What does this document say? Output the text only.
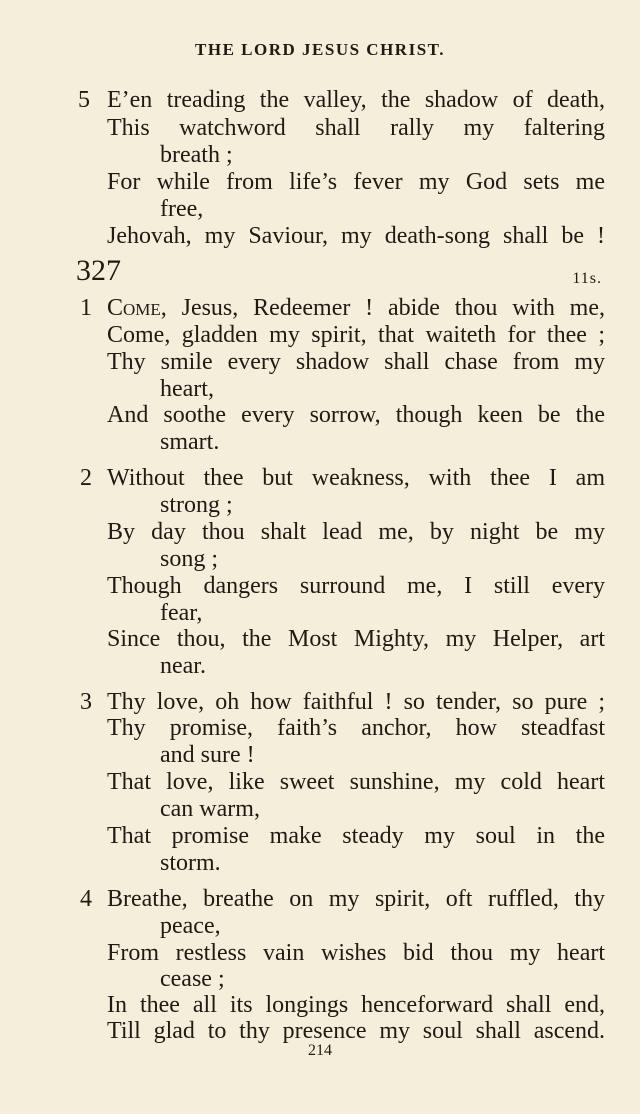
THE LORD JESUS CHRIST.
5 E’en treading the valley, the shadow of death,
This watchword shall rally my faltering
breath ;
For while from life’s fever my God sets me
free,
Jehovah, my Saviour, my death-song shall be !
327	11s.
1 Come, Jesus, Redeemer ! abide thou with me,
Come, gladden my spirit, that waiteth for thee ;
Thy smile every shadow shall chase from my
heart,
And soothe every sorrow, though keen be the
smart.
2 Without thee but weakness, with thee I am
strong ;
By day thou shalt lead me, by night be my
song ;
Though dangers surround me, I still every
fear,
Since thou, the Most Mighty, my Helper, art
near.
3 Thy love, oh how faithful ! so tender, so pure ;
Thy promise, faith’s anchor, how steadfast
and sure !
That love, like sweet sunshine, my cold heart
can warm,
That promise make steady my soul in the
storm.
4 Breathe, breathe on my spirit, oft ruffled, thy
peace,
From restless vain wishes bid thou my heart
cease ;
In thee all its longings henceforward shall end,
Till glad to thy presence my soul shall ascend.
214
